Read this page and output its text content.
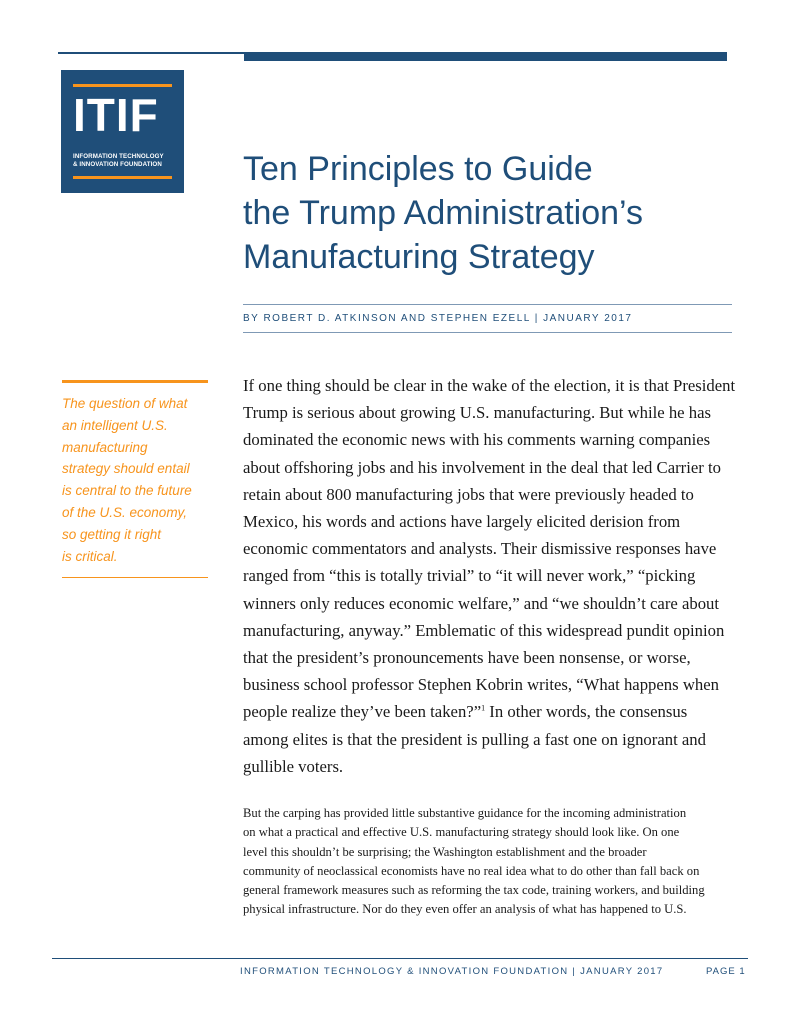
ITIF
INFORMATION TECHNOLOGY
& INNOVATION FOUNDATION	Ten Principles to Guide
the Trump Administration’s
Manufacturing Strategy
BY ROBERT D. ATKINSON AND STEPHEN EZELL | JANUARY 2017
The question of what
an intelligent U.S.
manufacturing
strategy should entail
is central to the future
of the U.S. economy,
so getting it right
is critical.
If one thing should be clear in the wake of the election, it is that President
Trump is serious about growing U.S. manufacturing. But while he has
dominated the economic news with his comments warning companies
about offshoring jobs and his involvement in the deal that led Carrier to
retain about 800 manufacturing jobs that were previously headed to
Mexico, his words and actions have largely elicited derision from
economic commentators and analysts. Their dismissive responses have
ranged from “this is totally trivial” to “it will never work,” “picking
winners only reduces economic welfare,” and “we shouldn’t care about
manufacturing, anyway.” Emblematic of this widespread pundit opinion
that the president’s pronouncements have been nonsense, or worse,
business school professor Stephen Kobrin writes, “What happens when
people realize they’ve been taken?”$^1$ In other words, the consensus
among elites is that the president is pulling a fast one on ignorant and
gullible voters.
But the carping has provided little substantive guidance for the incoming administration
on what a practical and effective U.S. manufacturing strategy should look like. On one
level this shouldn’t be surprising; the Washington establishment and the broader
community of neoclassical economists have no real idea what to do other than fall back on
general framework measures such as reforming the tax code, training workers, and building
physical infrastructure. Nor do they even offer an analysis of what has happened to U.S.
INFORMATION TECHNOLOGY & INNOVATION FOUNDATION | JANUARY 2017	PAGE 1
